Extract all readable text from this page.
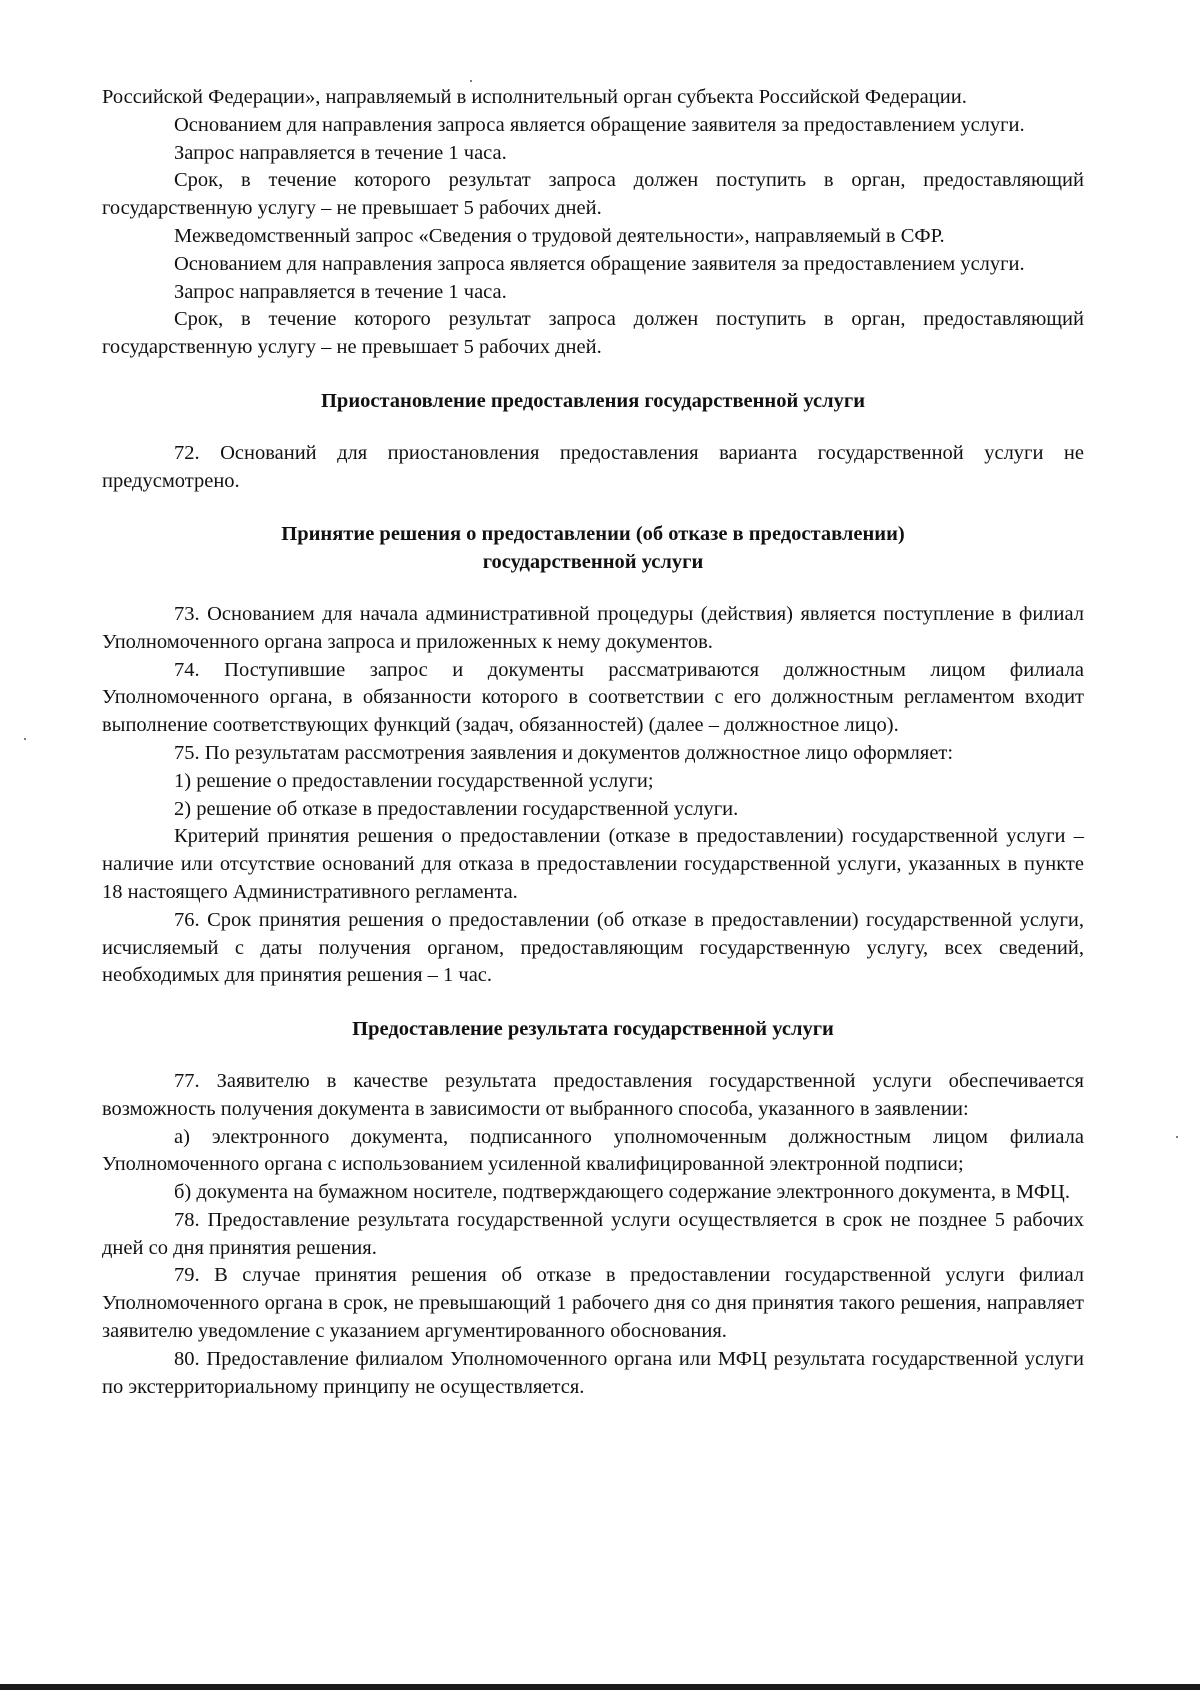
Российской Федерации», направляемый в исполнительный орган субъекта Российской Федерации.

Основанием для направления запроса является обращение заявителя за предоставлением услуги.

Запрос направляется в течение 1 часа.

Срок, в течение которого результат запроса должен поступить в орган, предоставляющий государственную услугу – не превышает 5 рабочих дней.

Межведомственный запрос «Сведения о трудовой деятельности», направляемый в СФР.

Основанием для направления запроса является обращение заявителя за предоставлением услуги.

Запрос направляется в течение 1 часа.

Срок, в течение которого результат запроса должен поступить в орган, предоставляющий государственную услугу – не превышает 5 рабочих дней.

Приостановление предоставления государственной услуги

72. Оснований для приостановления предоставления варианта государственной услуги не предусмотрено.

Принятие решения о предоставлении (об отказе в предоставлении) государственной услуги

73. Основанием для начала административной процедуры (действия) является поступление в филиал Уполномоченного органа запроса и приложенных к нему документов.

74. Поступившие запрос и документы рассматриваются должностным лицом филиала Уполномоченного органа, в обязанности которого в соответствии с его должностным регламентом входит выполнение соответствующих функций (задач, обязанностей) (далее – должностное лицо).

75. По результатам рассмотрения заявления и документов должностное лицо оформляет:

1) решение о предоставлении государственной услуги;

2) решение об отказе в предоставлении государственной услуги.

Критерий принятия решения о предоставлении (отказе в предоставлении) государственной услуги – наличие или отсутствие оснований для отказа в предоставлении государственной услуги, указанных в пункте 18 настоящего Административного регламента.

76. Срок принятия решения о предоставлении (об отказе в предоставлении) государственной услуги, исчисляемый с даты получения органом, предоставляющим государственную услугу, всех сведений, необходимых для принятия решения – 1 час.

Предоставление результата государственной услуги

77. Заявителю в качестве результата предоставления государственной услуги обеспечивается возможность получения документа в зависимости от выбранного способа, указанного в заявлении:

а) электронного документа, подписанного уполномоченным должностным лицом филиала Уполномоченного органа с использованием усиленной квалифицированной электронной подписи;

б) документа на бумажном носителе, подтверждающего содержание электронного документа, в МФЦ.

78. Предоставление результата государственной услуги осуществляется в срок не позднее 5 рабочих дней со дня принятия решения.

79. В случае принятия решения об отказе в предоставлении государственной услуги филиал Уполномоченного органа в срок, не превышающий 1 рабочего дня со дня принятия такого решения, направляет заявителю уведомление с указанием аргументированного обоснования.

80. Предоставление филиалом Уполномоченного органа или МФЦ результата государственной услуги по экстерриториальному принципу не осуществляется.
